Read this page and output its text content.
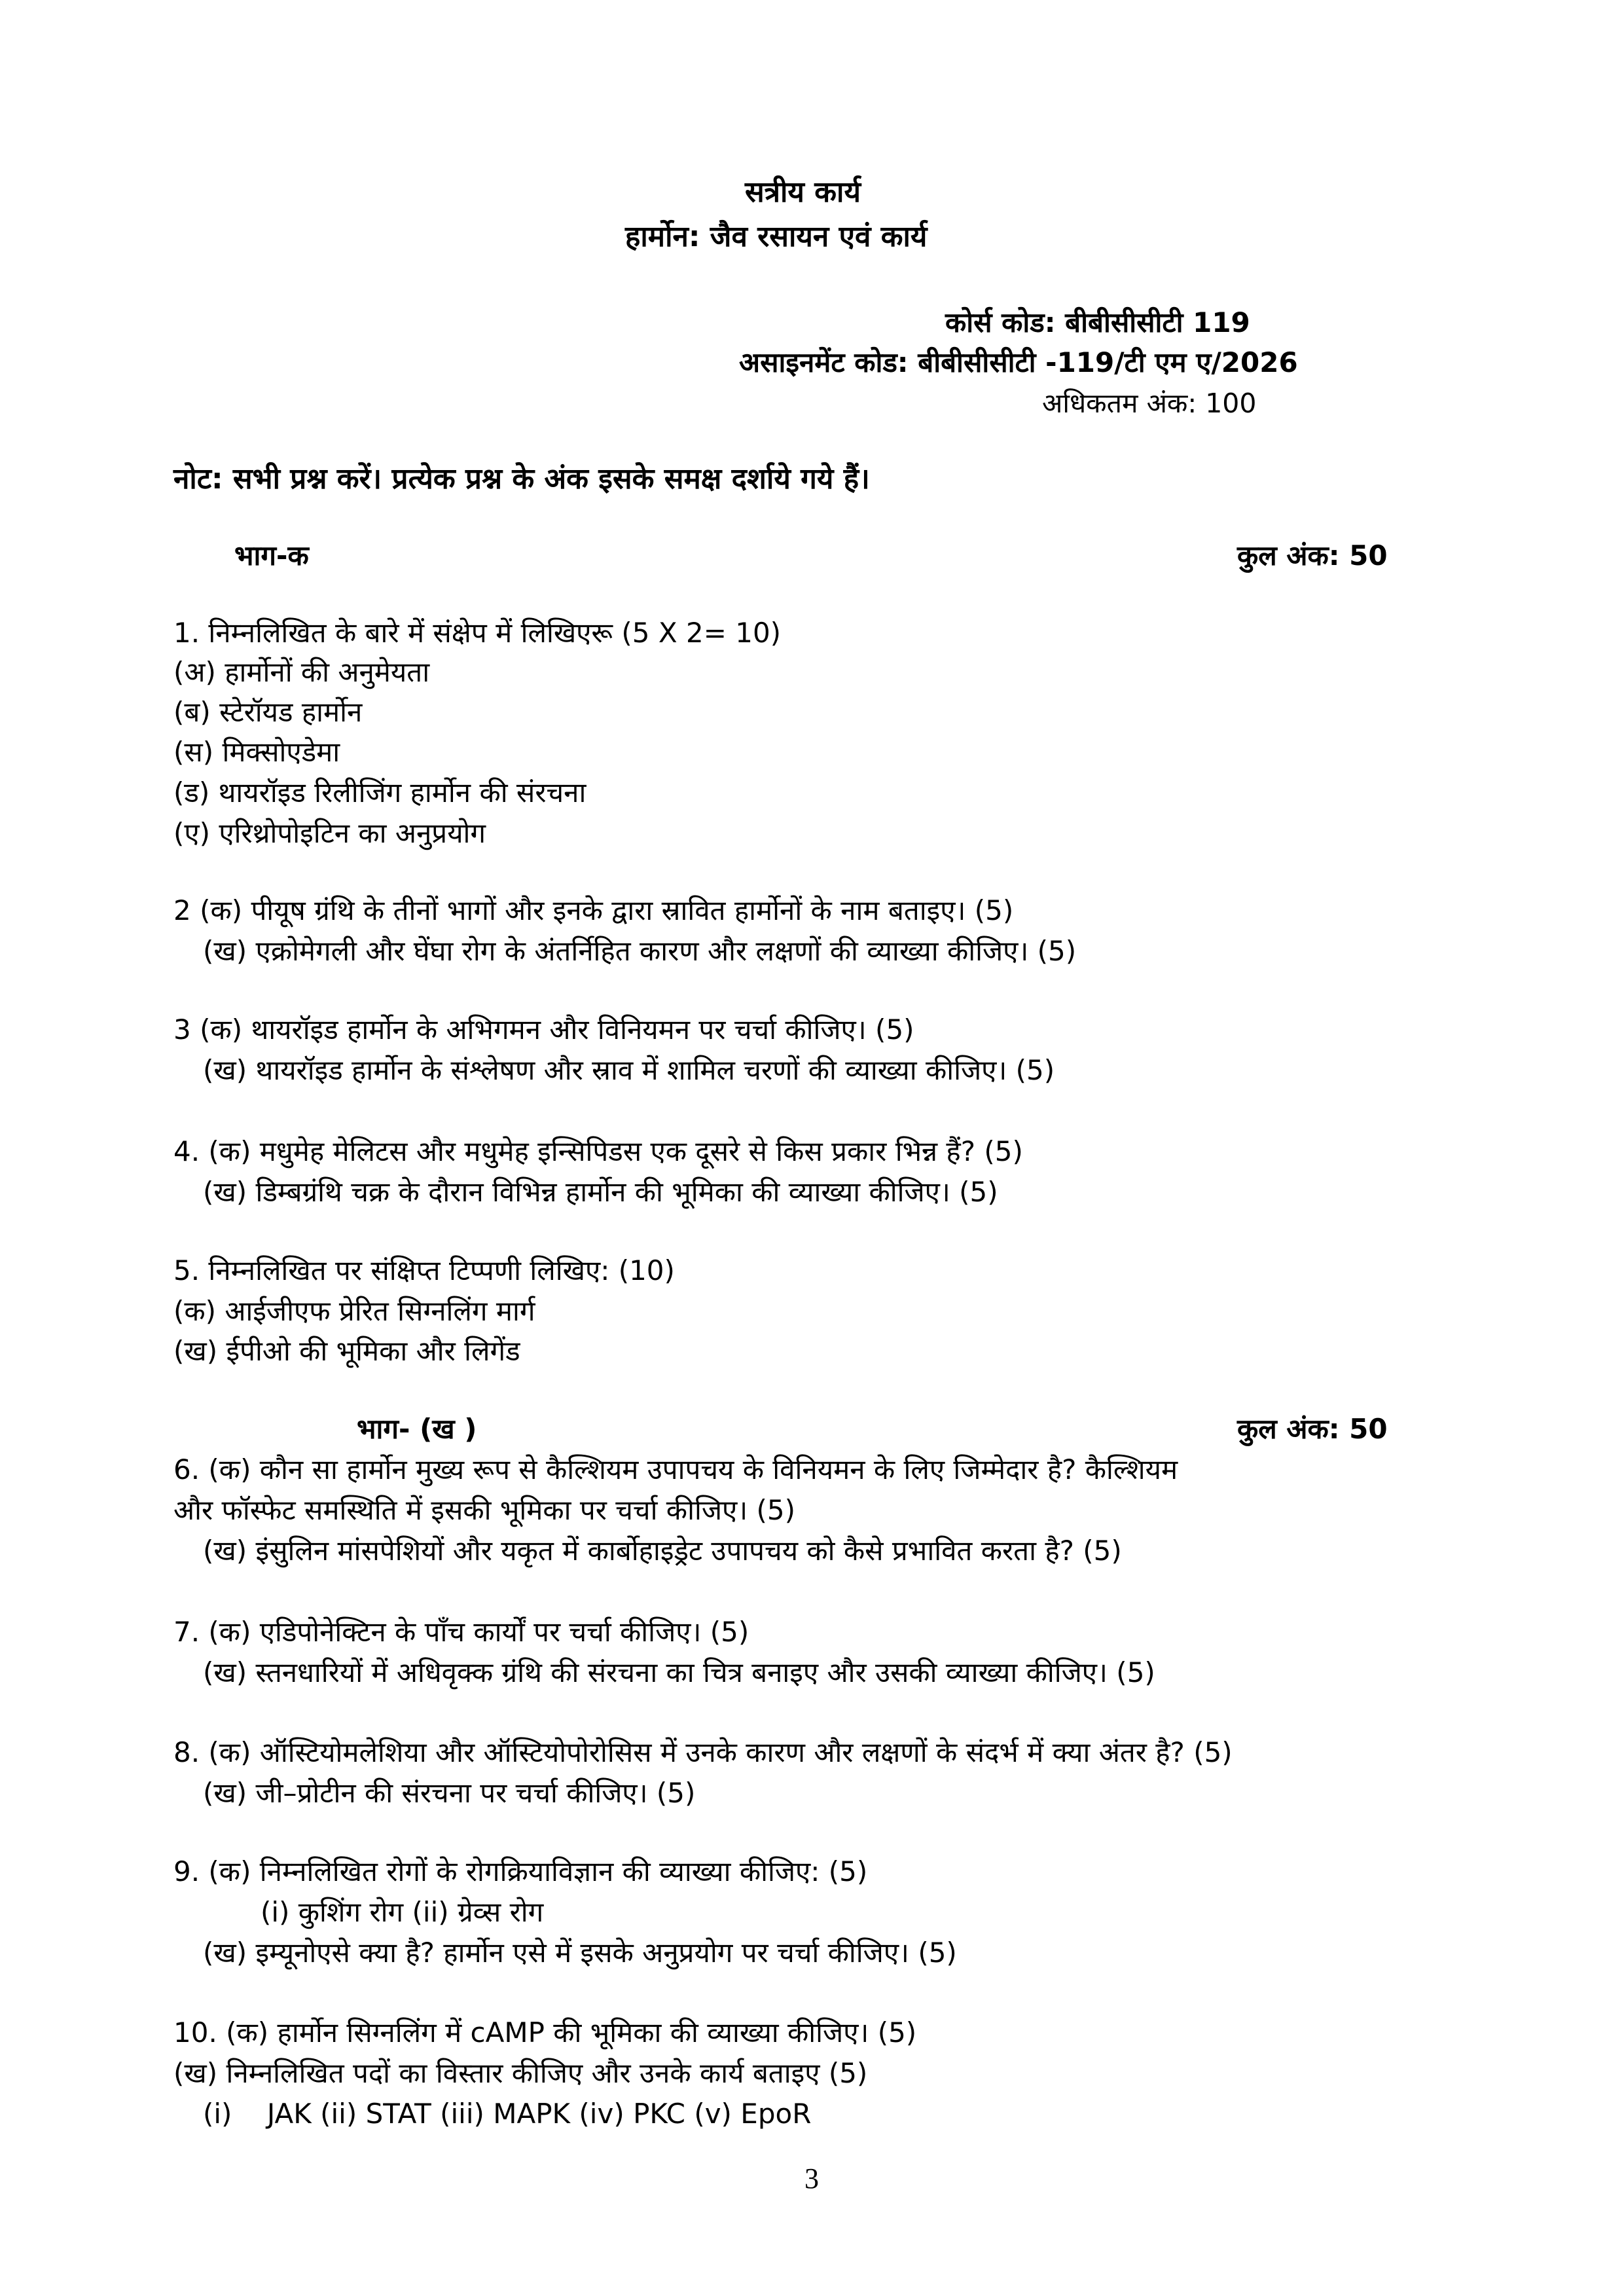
सत्रीय कार्य
हार्मोन: जैव रसायन एवं कार्य
कोर्स कोड: बीबीसीसीटी 119
असाइनमेंट कोड: बीबीसीसीटी -119/टी एम ए/2026
अधिकतम अंक: 100
नोट: सभी प्रश्न करें। प्रत्येक प्रश्न के अंक इसके समक्ष दर्शाये गये हैं।
भाग-क	कुल अंक: 50
1. निम्नलिखित के बारे में संक्षेप में लिखिएरू (5 X 2= 10)
(अ) हार्मोनों की अनुमेयता
(ब) स्टेरॉयड हार्मोन
(स) मिक्सोएडेमा
(ड) थायरॉइड रिलीजिंग हार्मोन की संरचना
(ए) एरिथ्रोपोइटिन का अनुप्रयोग
2 (क) पीयूष ग्रंथि के तीनों भागों और इनके द्वारा स्रावित हार्मोनों के नाम बताइए। (5)
(ख) एक्रोमेगली और घेंघा रोग के अंतर्निहित कारण और लक्षणों की व्याख्या कीजिए। (5)
3 (क) थायरॉइड हार्मोन के अभिगमन और विनियमन पर चर्चा कीजिए। (5)
(ख) थायरॉइड हार्मोन के संश्लेषण और स्राव में शामिल चरणों की व्याख्या कीजिए। (5)
4. (क) मधुमेह मेलिटस और मधुमेह इन्सिपिडस एक दूसरे से किस प्रकार भिन्न हैं? (5)
(ख) डिम्बग्रंथि चक्र के दौरान विभिन्न हार्मोन की भूमिका की व्याख्या कीजिए। (5)
5. निम्नलिखित पर संक्षिप्त टिप्पणी लिखिए: (10)
(क) आईजीएफ प्रेरित सिग्नलिंग मार्ग
(ख) ईपीओ की भूमिका और लिगेंड
भाग- (ख )	कुल अंक: 50
6. (क) कौन सा हार्मोन मुख्य रूप से कैल्शियम उपापचय के विनियमन के लिए जिम्मेदार है? कैल्शियम
और फॉस्फेट समस्थिति में इसकी भूमिका पर चर्चा कीजिए। (5)
(ख) इंसुलिन मांसपेशियों और यकृत में कार्बोहाइड्रेट उपापचय को कैसे प्रभावित करता है? (5)
7. (क) एडिपोनेक्टिन के पाँच कार्यों पर चर्चा कीजिए। (5)
(ख) स्तनधारियों में अधिवृक्क ग्रंथि की संरचना का चित्र बनाइए और उसकी व्याख्या कीजिए। (5)
8. (क) ऑस्टियोमलेशिया और ऑस्टियोपोरोसिस में उनके कारण और लक्षणों के संदर्भ में क्या अंतर है? (5)
(ख) जी–प्रोटीन की संरचना पर चर्चा कीजिए। (5)
9. (क) निम्नलिखित रोगों के रोगक्रियाविज्ञान की व्याख्या कीजिए: (5)
(i) कुशिंग रोग (ii) ग्रेव्स रोग
(ख) इम्यूनोएसे क्या है? हार्मोन एसे में इसके अनुप्रयोग पर चर्चा कीजिए। (5)
10. (क) हार्मोन सिग्नलिंग में cAMP की भूमिका की व्याख्या कीजिए। (5)
(ख) निम्नलिखित पदों का विस्तार कीजिए और उनके कार्य बताइए (5)
(i)    JAK (ii) STAT (iii) MAPK (iv) PKC (v) EpoR
3
